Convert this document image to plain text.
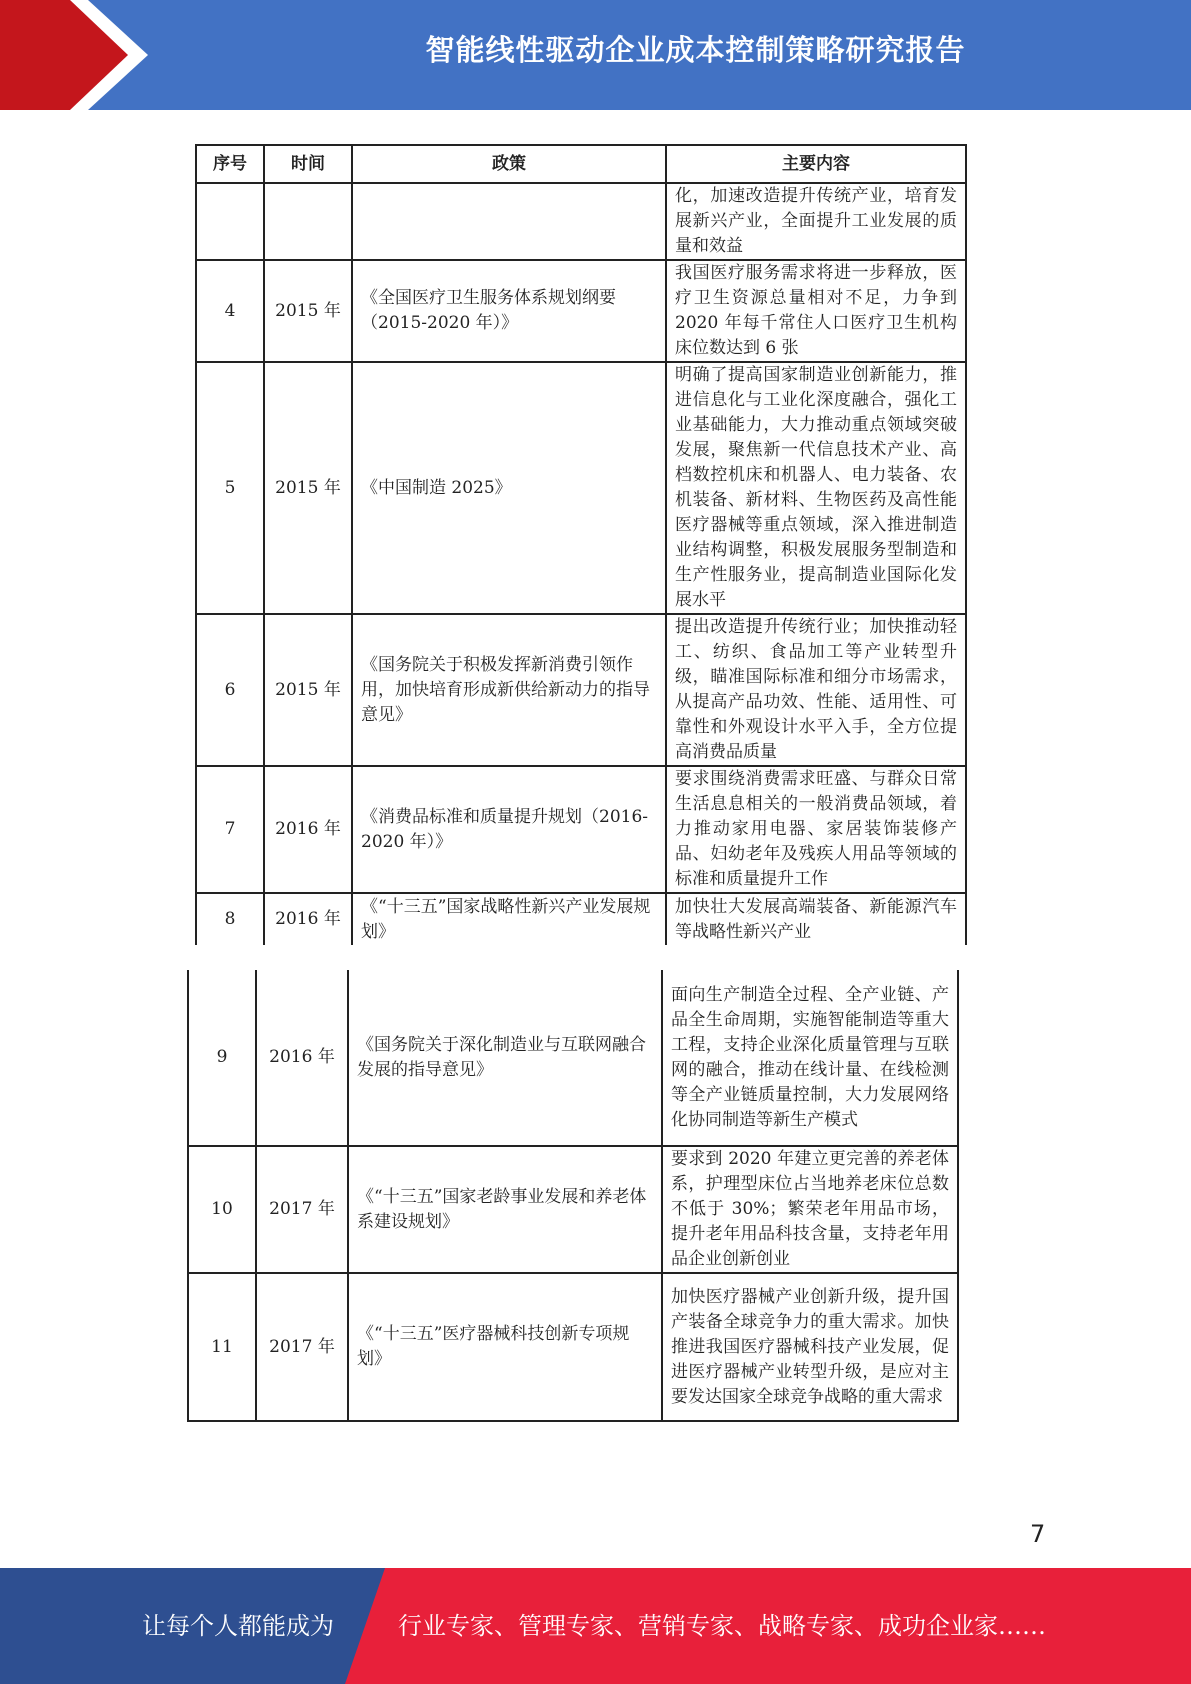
智能线性驱动企业成本控制策略研究报告
序号	时间	政策	主要内容
			化，加速改造提升传统产业，培育发展新兴产业，全面提升工业发展的质量和效益
4	2015 年	《全国医疗卫生服务体系规划纲要（2015-2020 年）》	我国医疗服务需求将进一步释放，医疗卫生资源总量相对不足，力争到 2020 年每千常住人口医疗卫生机构床位数达到 6 张
5	2015 年	《中国制造 2025》	明确了提高国家制造业创新能力，推进信息化与工业化深度融合，强化工业基础能力，大力推动重点领域突破发展，聚焦新一代信息技术产业、高档数控机床和机器人、电力装备、农机装备、新材料、生物医药及高性能医疗器械等重点领域，深入推进制造业结构调整，积极发展服务型制造和生产性服务业，提高制造业国际化发展水平
6	2015 年	《国务院关于积极发挥新消费引领作用，加快培育形成新供给新动力的指导意见》	提出改造提升传统行业；加快推动轻工、纺织、食品加工等产业转型升级，瞄准国际标准和细分市场需求，从提高产品功效、性能、适用性、可靠性和外观设计水平入手，全方位提高消费品质量
7	2016 年	《消费品标准和质量提升规划（2016-2020 年）》	要求围绕消费需求旺盛、与群众日常生活息息相关的一般消费品领域，着力推动家用电器、家居装饰装修产品、妇幼老年及残疾人用品等领域的标准和质量提升工作
8	2016 年	《“十三五”国家战略性新兴产业发展规划》	加快壮大发展高端装备、新能源汽车等战略性新兴产业
9	2016 年	《国务院关于深化制造业与互联网融合发展的指导意见》	面向生产制造全过程、全产业链、产品全生命周期，实施智能制造等重大工程，支持企业深化质量管理与互联网的融合，推动在线计量、在线检测等全产业链质量控制，大力发展网络化协同制造等新生产模式
10	2017 年	《“十三五”国家老龄事业发展和养老体系建设规划》	要求到 2020 年建立更完善的养老体系，护理型床位占当地养老床位总数不低于 30%；繁荣老年用品市场，提升老年用品科技含量，支持老年用品企业创新创业
11	2017 年	《“十三五”医疗器械科技创新专项规划》	加快医疗器械产业创新升级，提升国产装备全球竞争力的重大需求。加快推进我国医疗器械科技产业发展，促进医疗器械产业转型升级，是应对主要发达国家全球竞争战略的重大需求
7
让每个人都能成为	行业专家、管理专家、营销专家、战略专家、成功企业家……
